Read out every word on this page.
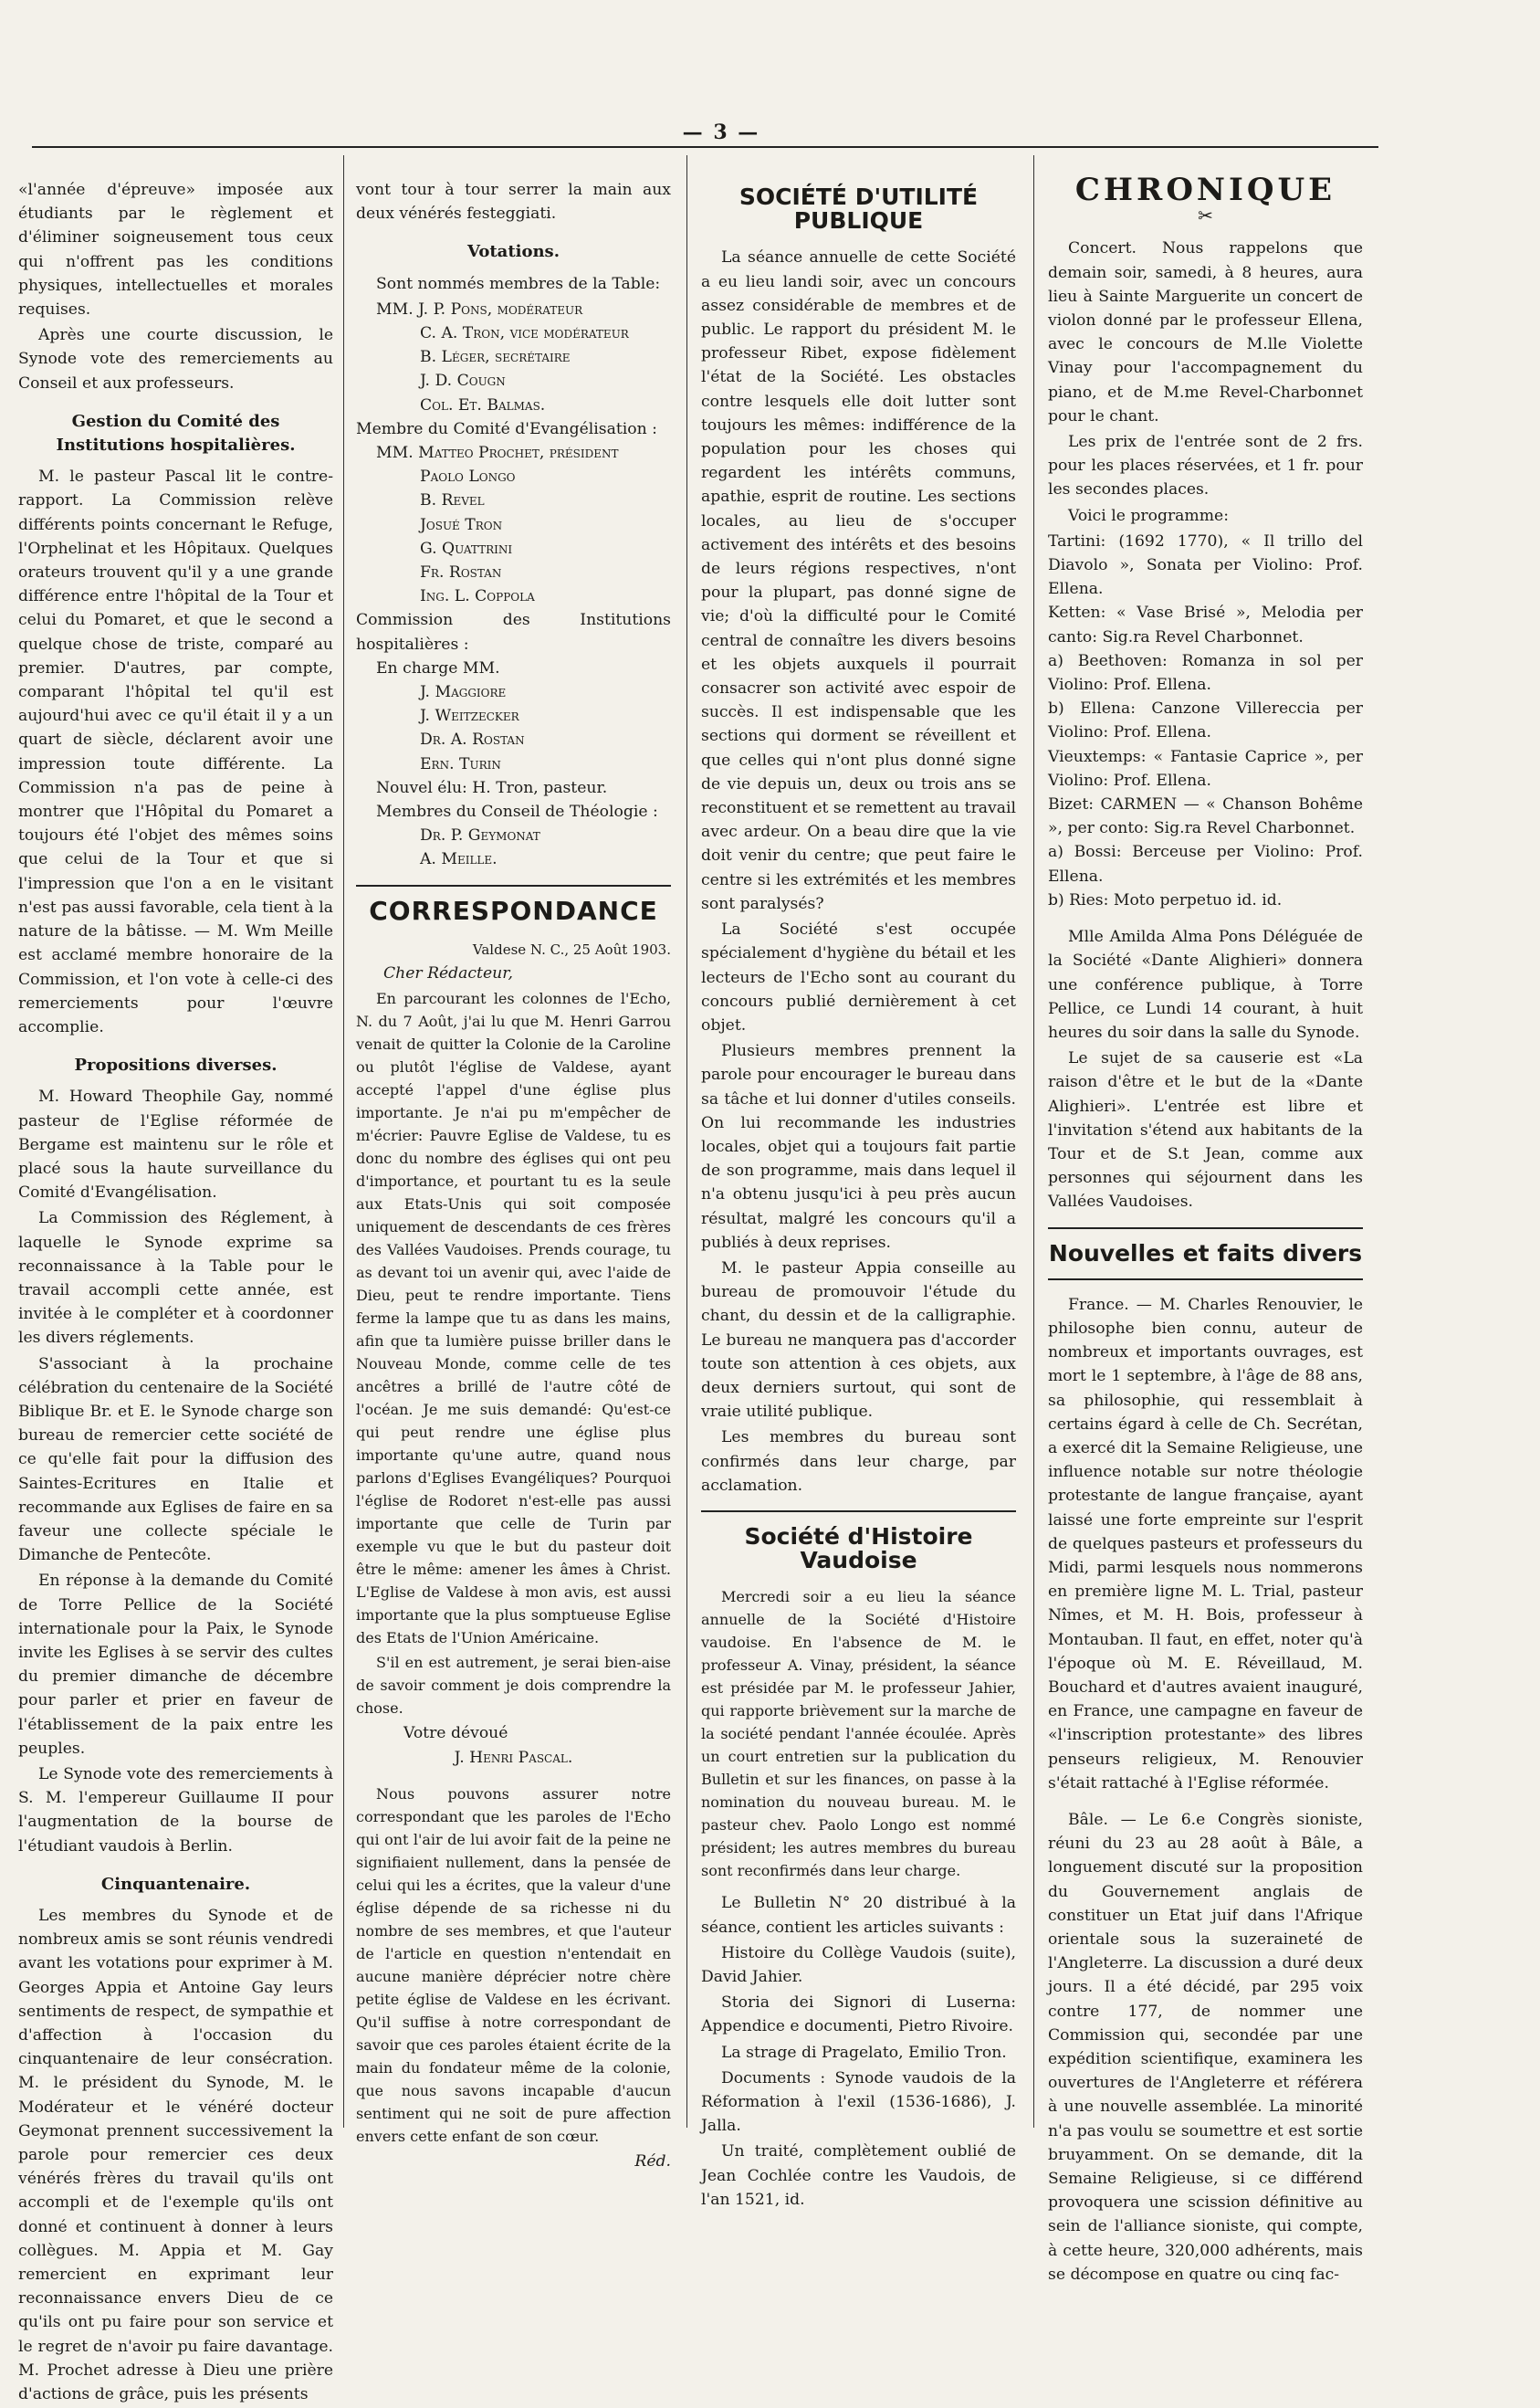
— 3 —

«l'année d'épreuve» imposée aux étudiants par le règlement et d'éliminer soigneusement tous ceux qui n'offrent pas les conditions physiques, intellectuelles et morales requises.

Après une courte discussion, le Synode vote des remerciements au Conseil et aux professeurs.

Gestion du Comité des Institutions hospitalières.

M. le pasteur Pascal lit le contre-rapport. La Commission relève différents points concernant le Refuge, l'Orphelinat et les Hôpitaux. Quelques orateurs trouvent qu'il y a une grande différence entre l'hôpital de la Tour et celui du Pomaret, et que le second a quelque chose de triste, comparé au premier. D'autres, par compte, comparant l'hôpital tel qu'il est aujourd'hui avec ce qu'il était il y a un quart de siècle, déclarent avoir une impression toute différente. La Commission n'a pas de peine à montrer que l'Hôpital du Pomaret a toujours été l'objet des mêmes soins que celui de la Tour et que si l'impression que l'on a en le visitant n'est pas aussi favorable, cela tient à la nature de la bâtisse. — M. Wm Meille est acclamé membre honoraire de la Commission, et l'on vote à celle-ci des remerciements pour l'œuvre accomplie.

Propositions diverses.

M. Howard Theophile Gay, nommé pasteur de l'Eglise réformée de Bergame est maintenu sur le rôle et placé sous la haute surveillance du Comité d'Evangélisation.

La Commission des Réglement, à laquelle le Synode exprime sa reconnaissance à la Table pour le travail accompli cette année, est invitée à le compléter et à coordonner les divers réglements.

S'associant à la prochaine célébration du centenaire de la Société Biblique Br. et E. le Synode charge son bureau de remercier cette société de ce qu'elle fait pour la diffusion des Saintes-Ecritures en Italie et recommande aux Eglises de faire en sa faveur une collecte spéciale le Dimanche de Pentecôte.

En réponse à la demande du Comité de Torre Pellice de la Société internationale pour la Paix, le Synode invite les Eglises à se servir des cultes du premier dimanche de décembre pour parler et prier en faveur de l'établissement de la paix entre les peuples.

Le Synode vote des remerciements à S. M. l'empereur Guillaume II pour l'augmentation de la bourse de l'étudiant vaudois à Berlin.

Cinquantenaire.

Les membres du Synode et de nombreux amis se sont réunis vendredi avant les votations pour exprimer à M. Georges Appia et Antoine Gay leurs sentiments de respect, de sympathie et d'affection à l'occasion du cinquantenaire de leur consécration. M. le président du Synode, M. le Modérateur et le vénéré docteur Geymonat prennent successivement la parole pour remercier ces deux vénérés frères du travail qu'ils ont accompli et de l'exemple qu'ils ont donné et continuent à donner à leurs collègues. M. Appia et M. Gay remercient en exprimant leur reconnaissance envers Dieu de ce qu'ils ont pu faire pour son service et le regret de n'avoir pu faire davantage. M. Prochet adresse à Dieu une prière d'actions de grâce, puis les présents

vont tour à tour serrer la main aux deux vénérés festeggiati.

Votations.

Sont nommés membres de la Table:

MM. J. P. Pons, modérateur
C. A. Tron, vice modérateur
B. Léger, secrétaire
J. D. Cougn
Col. Et. Balmas.
Membre du Comité d'Evangélisation :
MM. Matteo Prochet, président
Paolo Longo
B. Revel
Josué Tron
G. Quattrini
Fr. Rostan
Ing. L. Coppola
Commission des Institutions hospitalières :
En charge MM.
J. Maggiore
J. Weitzecker
Dr. A. Rostan
Ern. Turin
Nouvel élu: H. Tron, pasteur.
Membres du Conseil de Théologie :
Dr. P. Geymonat
A. Meille.
CORRESPONDANCE
Valdese N. C., 25 Août 1903.

Cher Rédacteur,

En parcourant les colonnes de l'Echo, N. du 7 Août, j'ai lu que M. Henri Garrou venait de quitter la Colonie de la Caroline ou plutôt l'église de Valdese, ayant accepté l'appel d'une église plus importante. Je n'ai pu m'empêcher de m'écrier: Pauvre Eglise de Valdese, tu es donc du nombre des églises qui ont peu d'importance, et pourtant tu es la seule aux Etats-Unis qui soit composée uniquement de descendants de ces frères des Vallées Vaudoises. Prends courage, tu as devant toi un avenir qui, avec l'aide de Dieu, peut te rendre importante. Tiens ferme la lampe que tu as dans les mains, afin que ta lumière puisse briller dans le Nouveau Monde, comme celle de tes ancêtres a brillé de l'autre côté de l'océan. Je me suis demandé: Qu'est-ce qui peut rendre une église plus importante qu'une autre, quand nous parlons d'Eglises Evangéliques? Pourquoi l'église de Rodoret n'est-elle pas aussi importante que celle de Turin par exemple vu que le but du pasteur doit être le même: amener les âmes à Christ. L'Eglise de Valdese à mon avis, est aussi importante que la plus somptueuse Eglise des Etats de l'Union Américaine.

S'il en est autrement, je serai bien-aise de savoir comment je dois comprendre la chose.

Votre dévoué
J. Henri Pascal.

Nous pouvons assurer notre correspondant que les paroles de l'Echo qui ont l'air de lui avoir fait de la peine ne signifiaient nullement, dans la pensée de celui qui les a écrites, que la valeur d'une église dépende de sa richesse ni du nombre de ses membres, et que l'auteur de l'article en question n'entendait en aucune manière déprécier notre chère petite église de Valdese en les écrivant. Qu'il suffise à notre correspondant de savoir que ces paroles étaient écrite de la main du fondateur même de la colonie, que nous savons incapable d'aucun sentiment qui ne soit de pure affection envers cette enfant de son cœur.

Réd.
SOCIÉTÉ D'UTILITÉ PUBLIQUE

La séance annuelle de cette Société a eu lieu landi soir, avec un concours assez considérable de membres et de public. Le rapport du président M. le professeur Ribet, expose fidèlement l'état de la Société. Les obstacles contre lesquels elle doit lutter sont toujours les mêmes: indifférence de la population pour les choses qui regardent les intérêts communs, apathie, esprit de routine. Les sections locales, au lieu de s'occuper activement des intérêts et des besoins de leurs régions respectives, n'ont pour la plupart, pas donné signe de vie; d'où la difficulté pour le Comité central de connaître les divers besoins et les objets auxquels il pourrait consacrer son activité avec espoir de succès. Il est indispensable que les sections qui dorment se réveillent et que celles qui n'ont plus donné signe de vie depuis un, deux ou trois ans se reconstituent et se remettent au travail avec ardeur. On a beau dire que la vie doit venir du centre; que peut faire le centre si les extrémités et les membres sont paralysés?

La Société s'est occupée spécialement d'hygiène du bétail et les lecteurs de l'Echo sont au courant du concours publié dernièrement à cet objet.

Plusieurs membres prennent la parole pour encourager le bureau dans sa tâche et lui donner d'utiles conseils. On lui recommande les industries locales, objet qui a toujours fait partie de son programme, mais dans lequel il n'a obtenu jusqu'ici à peu près aucun résultat, malgré les concours qu'il a publiés à deux reprises.

M. le pasteur Appia conseille au bureau de promouvoir l'étude du chant, du dessin et de la calligraphie. Le bureau ne manquera pas d'accorder toute son attention à ces objets, aux deux derniers surtout, qui sont de vraie utilité publique.

Les membres du bureau sont confirmés dans leur charge, par acclamation.

Société d'Histoire Vaudoise

Mercredi soir a eu lieu la séance annuelle de la Société d'Histoire vaudoise. En l'absence de M. le professeur A. Vinay, président, la séance est présidée par M. le professeur Jahier, qui rapporte brièvement sur la marche de la société pendant l'année écoulée. Après un court entretien sur la publication du Bulletin et sur les finances, on passe à la nomination du nouveau bureau. M. le pasteur chev. Paolo Longo est nommé président; les autres membres du bureau sont reconfirmés dans leur charge.

Le Bulletin N° 20 distribué à la séance, contient les articles suivants :

Histoire du Collège Vaudois (suite), David Jahier.

Storia dei Signori di Luserna: Appendice e documenti, Pietro Rivoire.

La strage di Pragelato, Emilio Tron.

Documents : Synode vaudois de la Réformation à l'exil (1536-1686), J. Jalla.

Un traité, complètement oublié de Jean Cochlée contre les Vaudois, de l'an 1521, id.

CHRONIQUE
✂

Concert. Nous rappelons que demain soir, samedi, à 8 heures, aura lieu à Sainte Marguerite un concert de violon donné par le professeur Ellena, avec le concours de M.lle Violette Vinay pour l'accompagnement du piano, et de M.me Revel-Charbonnet pour le chant.

Les prix de l'entrée sont de 2 frs. pour les places réservées, et 1 fr. pour les secondes places.

Voici le programme:

Tartini: (1692 1770), « Il trillo del Diavolo », Sonata per Violino: Prof. Ellena.
Ketten: « Vase Brisé », Melodia per canto: Sig.ra Revel Charbonnet.
a) Beethoven: Romanza in sol per Violino: Prof. Ellena.
b) Ellena: Canzone Villereccia per Violino: Prof. Ellena.
Vieuxtemps: « Fantasie Caprice », per Violino: Prof. Ellena.
Bizet: CARMEN — « Chanson Bohême », per conto: Sig.ra Revel Charbonnet.
a) Bossi: Berceuse per Violino: Prof. Ellena.
b) Ries: Moto perpetuo id. id.

Mlle Amilda Alma Pons Déléguée de la Société «Dante Alighieri» donnera une conférence publique, à Torre Pellice, ce Lundi 14 courant, à huit heures du soir dans la salle du Synode.

Le sujet de sa causerie est «La raison d'être et le but de la «Dante Alighieri». L'entrée est libre et l'invitation s'étend aux habitants de la Tour et de S.t Jean, comme aux personnes qui séjournent dans les Vallées Vaudoises.

Nouvelles et faits divers

France. — M. Charles Renouvier, le philosophe bien connu, auteur de nombreux et importants ouvrages, est mort le 1 septembre, à l'âge de 88 ans, sa philosophie, qui ressemblait à certains égard à celle de Ch. Secrétan, a exercé dit la Semaine Religieuse, une influence notable sur notre théologie protestante de langue française, ayant laissé une forte empreinte sur l'esprit de quelques pasteurs et professeurs du Midi, parmi lesquels nous nommerons en première ligne M. L. Trial, pasteur Nîmes, et M. H. Bois, professeur à Montauban. Il faut, en effet, noter qu'à l'époque où M. E. Réveillaud, M. Bouchard et d'autres avaient inauguré, en France, une campagne en faveur de «l'inscription protestante» des libres penseurs religieux, M. Renouvier s'était rattaché à l'Eglise réformée.

Bâle. — Le 6.e Congrès sioniste, réuni du 23 au 28 août à Bâle, a longuement discuté sur la proposition du Gouvernement anglais de constituer un Etat juif dans l'Afrique orientale sous la suzeraineté de l'Angleterre. La discussion a duré deux jours. Il a été décidé, par 295 voix contre 177, de nommer une Commission qui, secondée par une expédition scientifique, examinera les ouvertures de l'Angleterre et référera à une nouvelle assemblée. La minorité n'a pas voulu se soumettre et est sortie bruyamment. On se demande, dit la Semaine Religieuse, si ce différend provoquera une scission définitive au sein de l'alliance sioniste, qui compte, à cette heure, 320,000 adhérents, mais se décompose en quatre ou cinq fac-
